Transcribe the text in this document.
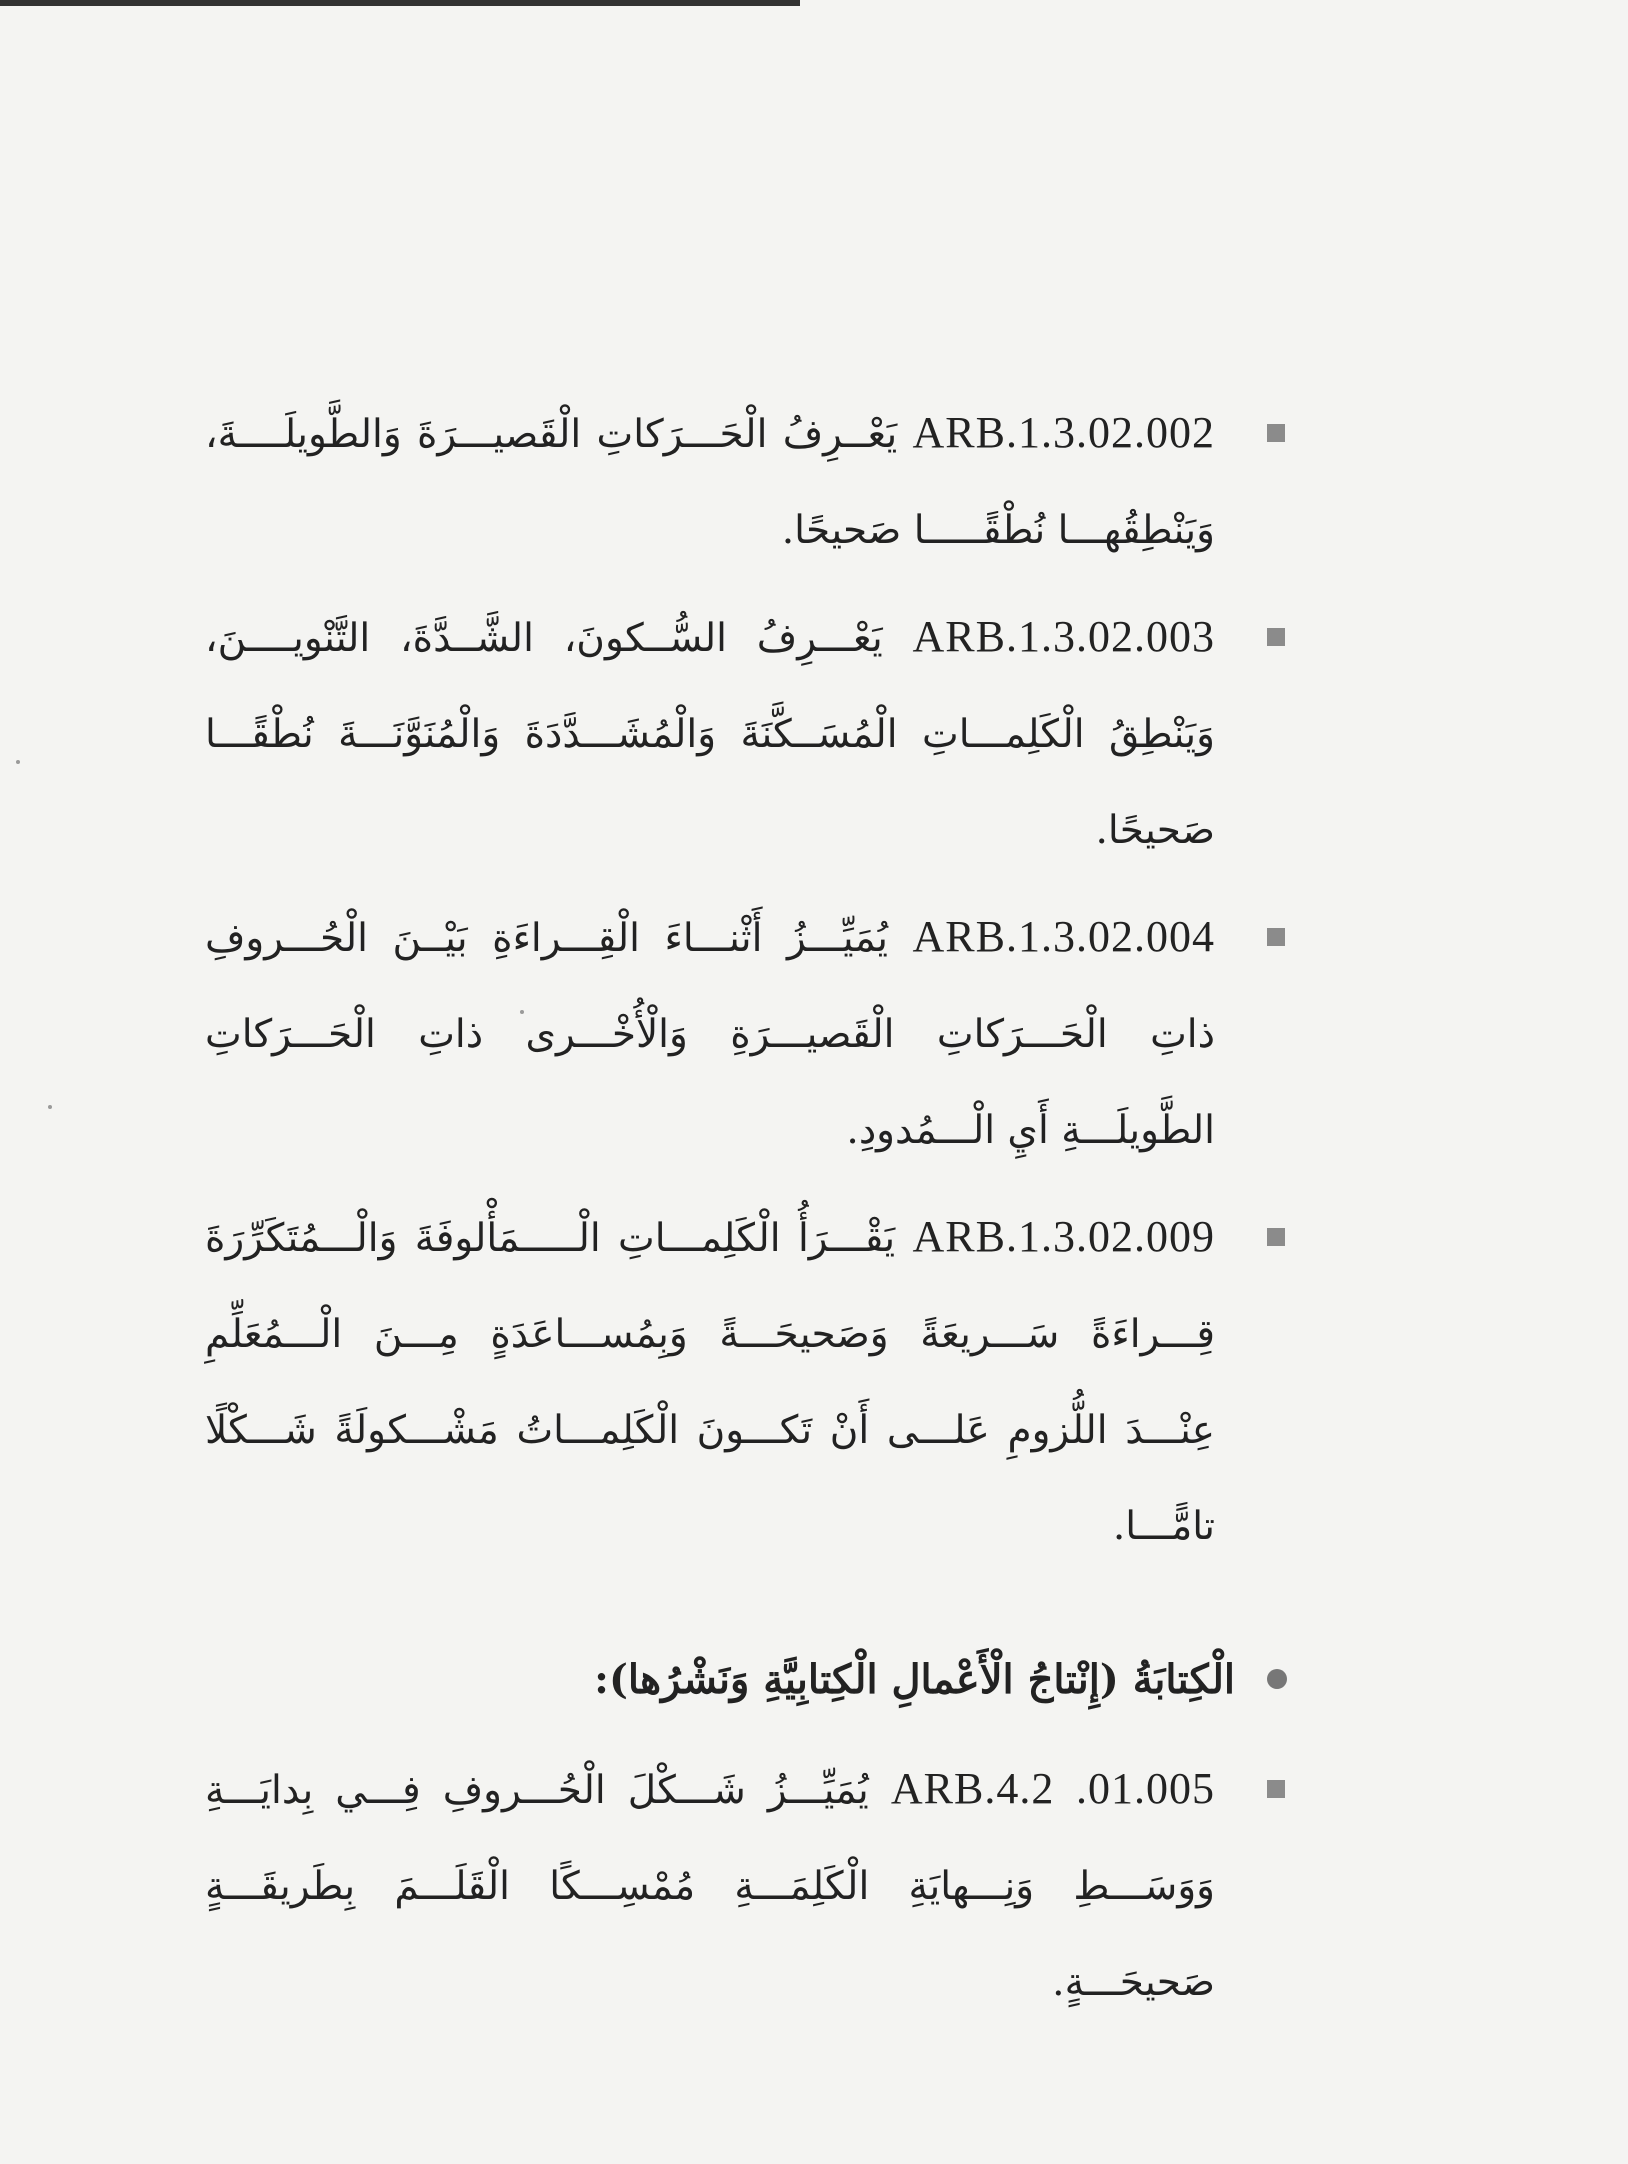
ARB.1.3.02.002 يَعْــرِفُ الْحَـــرَكاتِ الْقَصيـــرَةَ وَالطَّويلَــــةَ، وَيَنْطِقُهـــا نُطْقًـــــا صَحيحًا.
ARB.1.3.02.003 يَعْـــرِفُ السُّــكونَ، الشَّــدَّةَ، التَّنْويــــنَ، وَيَنْطِقُ الْكَلِمـــاتِ الْمُسَــكَّنَةَ وَالْمُشَـــدَّدَةَ وَالْمُنَوَّنَـــةَ نُطْقًـــا صَحيحًا.
ARB.1.3.02.004 يُمَيِّـــزُ أَثْنـــاءَ الْقِـــراءَةِ بَيْــنَ الْحُـــروفِ ذاتِ الْحَـــرَكاتِ الْقَصيـــرَةِ وَالْأُخْـــرى ذاتِ الْحَـــرَكاتِ الطَّويلَـــةِ أَيِ الْـــمُدودِ.
ARB.1.3.02.009 يَقْـــرَأُ الْكَلِمـــاتِ الْـــــمَأْلوفَةَ وَالْـــمُتَكَرِّرَةَ قِـــراءَةً سَـــريعَةً وَصَحيحَـــةً وَبِمُســـاعَدَةٍ مِـــنَ الْـــمُعَلِّمِ عِنْـــدَ اللُّزومِ عَلـــى أَنْ تَكـــونَ الْكَلِمـــاتُ مَشْـــكولَةً شَـــكْلًا تامًّـــا.
الْكِتابَةُ (إِنْتاجُ الْأَعْمالِ الْكِتابِيَّةِ وَنَشْرُها):
ARB.4.2 .01.005 يُمَيِّـــزُ شَـــكْلَ الْحُـــروفِ فِـــي بِدايَـــةِ وَوَسَـــطِ وَنِـــهايَةِ الْكَلِمَـــةِ مُمْسِـــكًا الْقَلَـــمَ بِطَريقَـــةٍ صَحيحَـــةٍ.
